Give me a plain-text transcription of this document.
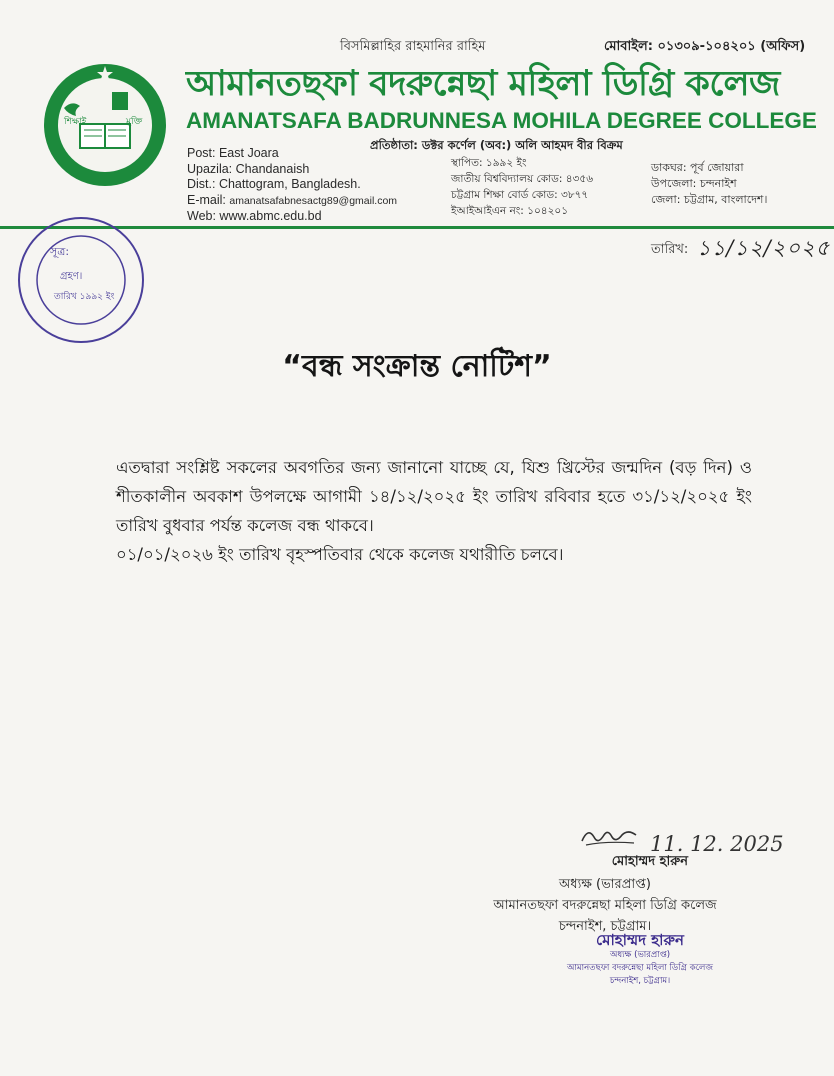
বিসমিল্লাহির রাহমানির রাহিম	মোবাইল: ০১৩০৯-১০৪২০১ (অফিস)
শিক্ষাই	মুক্তি
আমানতছফা বদরুন্নেছা মহিলা ডিগ্রি কলেজ
AMANATSAFA BADRUNNESA MOHILA DEGREE COLLEGE
প্রতিষ্ঠাতা: ডক্টর কর্ণেল (অব:) অলি আহমদ বীর বিক্রম
Post: East Joara
Upazila: Chandanaish
Dist.: Chattogram, Bangladesh.
E-mail: amanatsafabnesactg89@gmail.com
Web: www.abmc.edu.bd
স্থাপিত: ১৯৯২ ইং
জাতীয় বিশ্ববিদ্যালয় কোড: ৪৩৫৬
চট্টগ্রাম শিক্ষা বোর্ড কোড: ৩৮৭৭
ইআইআইএন নং: ১০৪২০১
ডাকঘর: পূর্ব জোয়ারা
উপজেলা: চন্দনাইশ
জেলা: চট্টগ্রাম, বাংলাদেশ।
সূত্র:
গ্রহণ।
তারিখ ১৯৯২ ইং
তারিখ: ১১/১২/২০২৫
“বন্ধ সংক্রান্ত নোটিশ”

এতদ্বারা সংশ্লিষ্ট সকলের অবগতির জন্য জানানো যাচ্ছে যে, যিশু খ্রিস্টের জন্মদিন (বড় দিন) ও শীতকালীন অবকাশ উপলক্ষে আগামী ১৪/১২/২০২৫ ইং তারিখ রবিবার হতে ৩১/১২/২০২৫ ইং তারিখ বুধবার পর্যন্ত কলেজ বন্ধ থাকবে।

০১/০১/২০২৬ ইং তারিখ বৃহস্পতিবার থেকে কলেজ যথারীতি চলবে।

11. 12. 2025
মোহাম্মদ হারুন
অধ্যক্ষ (ভারপ্রাপ্ত)
আমানতছফা বদরুন্নেছা মহিলা ডিগ্রি কলেজ
চন্দনাইশ, চট্টগ্রাম।
মোহাম্মদ হারুন
অধ্যক্ষ (ভারপ্রাপ্ত)
আমানতছফা বদরুন্নেছা মহিলা ডিগ্রি কলেজ
চন্দনাইশ, চট্টগ্রাম।
